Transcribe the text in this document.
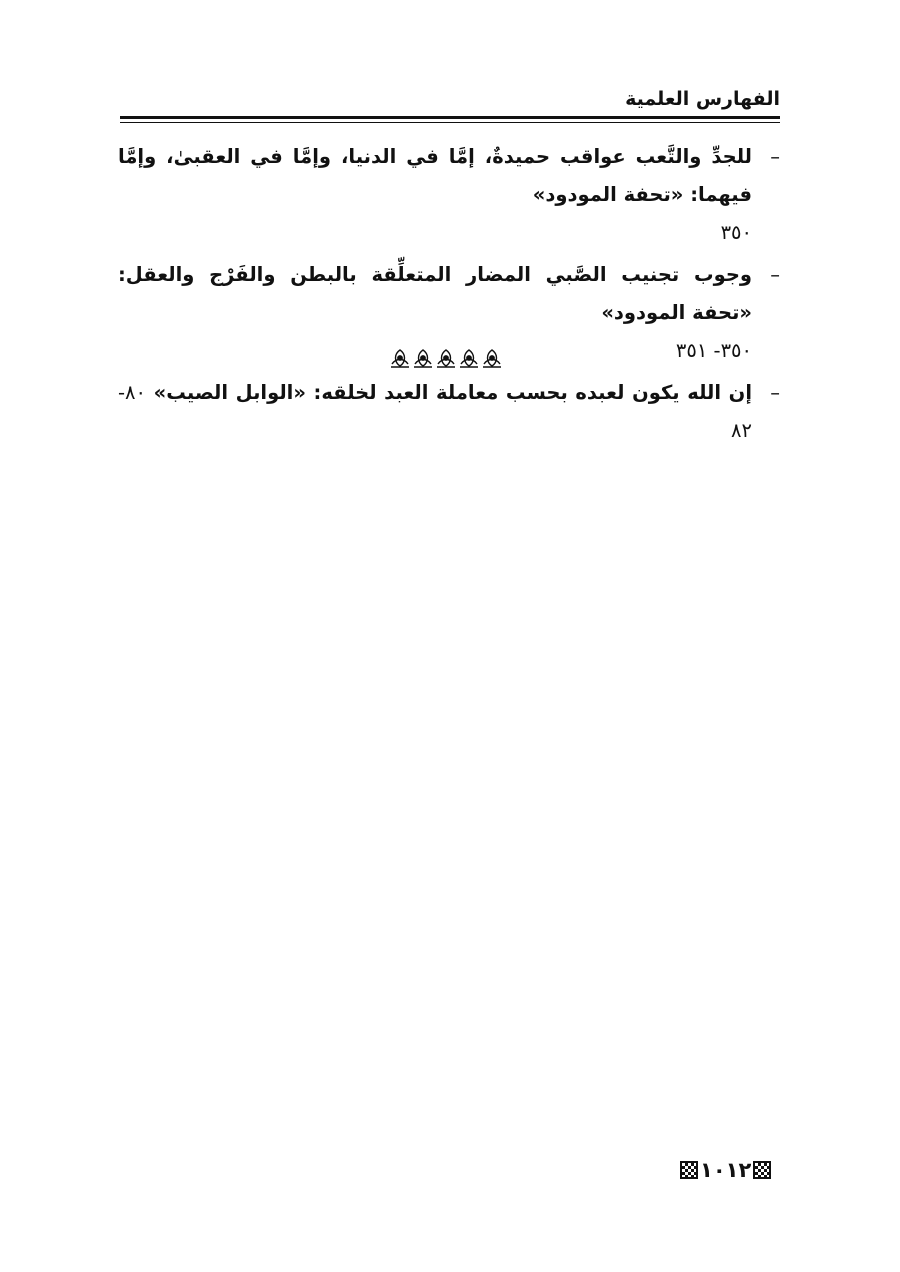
الفهارس العلمية
–
للجدِّ والتَّعب عواقب حميدةٌ، إمَّا في الدنيا، وإمَّا في العقبىٰ، وإمَّا فيهما: «تحفة المودود»
٣٥٠
–
وجوب تجنيب الصَّبي المضار المتعلِّقة بالبطن والفَرْج والعقل: «تحفة المودود»
٣٥٠- ٣٥١
–
إن الله يكون لعبده بحسب معاملة العبد لخلقه: «الوابل الصيب» ٨٠- ٨٢
١٠١٢
